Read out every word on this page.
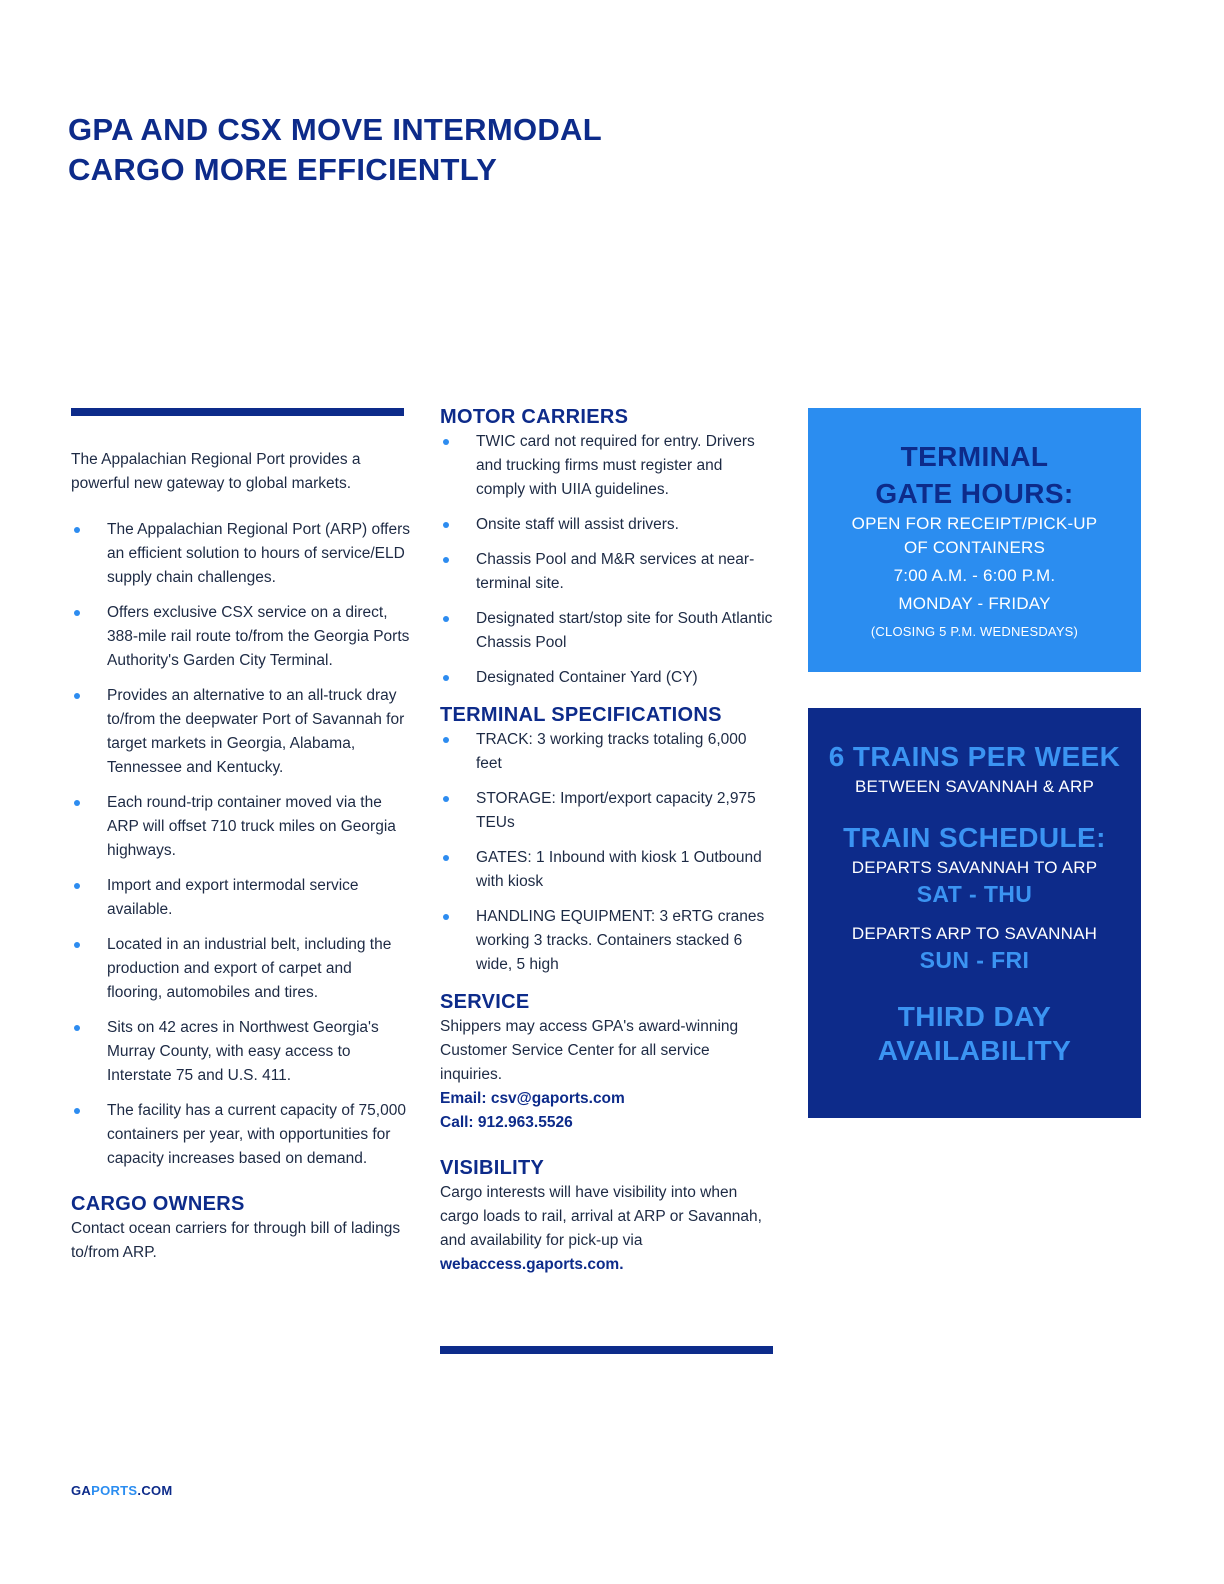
GPA AND CSX MOVE INTERMODAL
CARGO MORE EFFICIENTLY

The Appalachian Regional Port provides a powerful new gateway to global markets.

The Appalachian Regional Port (ARP) offers an efficient solution to hours of service/ELD supply chain challenges.
Offers exclusive CSX service on a direct, 388-mile rail route to/from the Georgia Ports Authority's Garden City Terminal.
Provides an alternative to an all-truck dray to/from the deepwater Port of Savannah for target markets in Georgia, Alabama, Tennessee and Kentucky.
Each round-trip container moved via the ARP will offset 710 truck miles on Georgia highways.
Import and export intermodal service available.
Located in an industrial belt, including the production and export of carpet and flooring, automobiles and tires.
Sits on 42 acres in Northwest Georgia's Murray County, with easy access to Interstate 75 and U.S. 411.
The facility has a current capacity of 75,000 containers per year, with opportunities for capacity increases based on demand.
CARGO OWNERS

Contact ocean carriers for through bill of ladings to/from ARP.

MOTOR CARRIERS
TWIC card not required for entry. Drivers and trucking firms must register and comply with UIIA guidelines.
Onsite staff will assist drivers.
Chassis Pool and M&R services at near-terminal site.
Designated start/stop site for South Atlantic Chassis Pool
Designated Container Yard (CY)
TERMINAL SPECIFICATIONS
TRACK: 3 working tracks totaling 6,000 feet
STORAGE: Import/export capacity 2,975 TEUs
GATES: 1 Inbound with kiosk 1 Outbound with kiosk
HANDLING EQUIPMENT: 3 eRTG cranes working 3 tracks. Containers stacked 6 wide, 5 high
SERVICE

Shippers may access GPA's award-winning Customer Service Center for all service inquiries.

Email: csv@gaports.com

Call: 912.963.5526

VISIBILITY

Cargo interests will have visibility into when cargo loads to rail, arrival at ARP or Savannah, and availability for pick-up via webaccess.gaports.com.

TERMINAL
GATE HOURS:
OPEN FOR RECEIPT/PICK-UP
OF CONTAINERS
7:00 A.M. - 6:00 P.M.
MONDAY - FRIDAY
(CLOSING 5 P.M. WEDNESDAYS)
6 TRAINS PER WEEK
BETWEEN SAVANNAH & ARP
TRAIN SCHEDULE:
DEPARTS SAVANNAH TO ARP
SAT - THU
DEPARTS ARP TO SAVANNAH
SUN - FRI
THIRD DAY
AVAILABILITY
GAPORTS.COM
